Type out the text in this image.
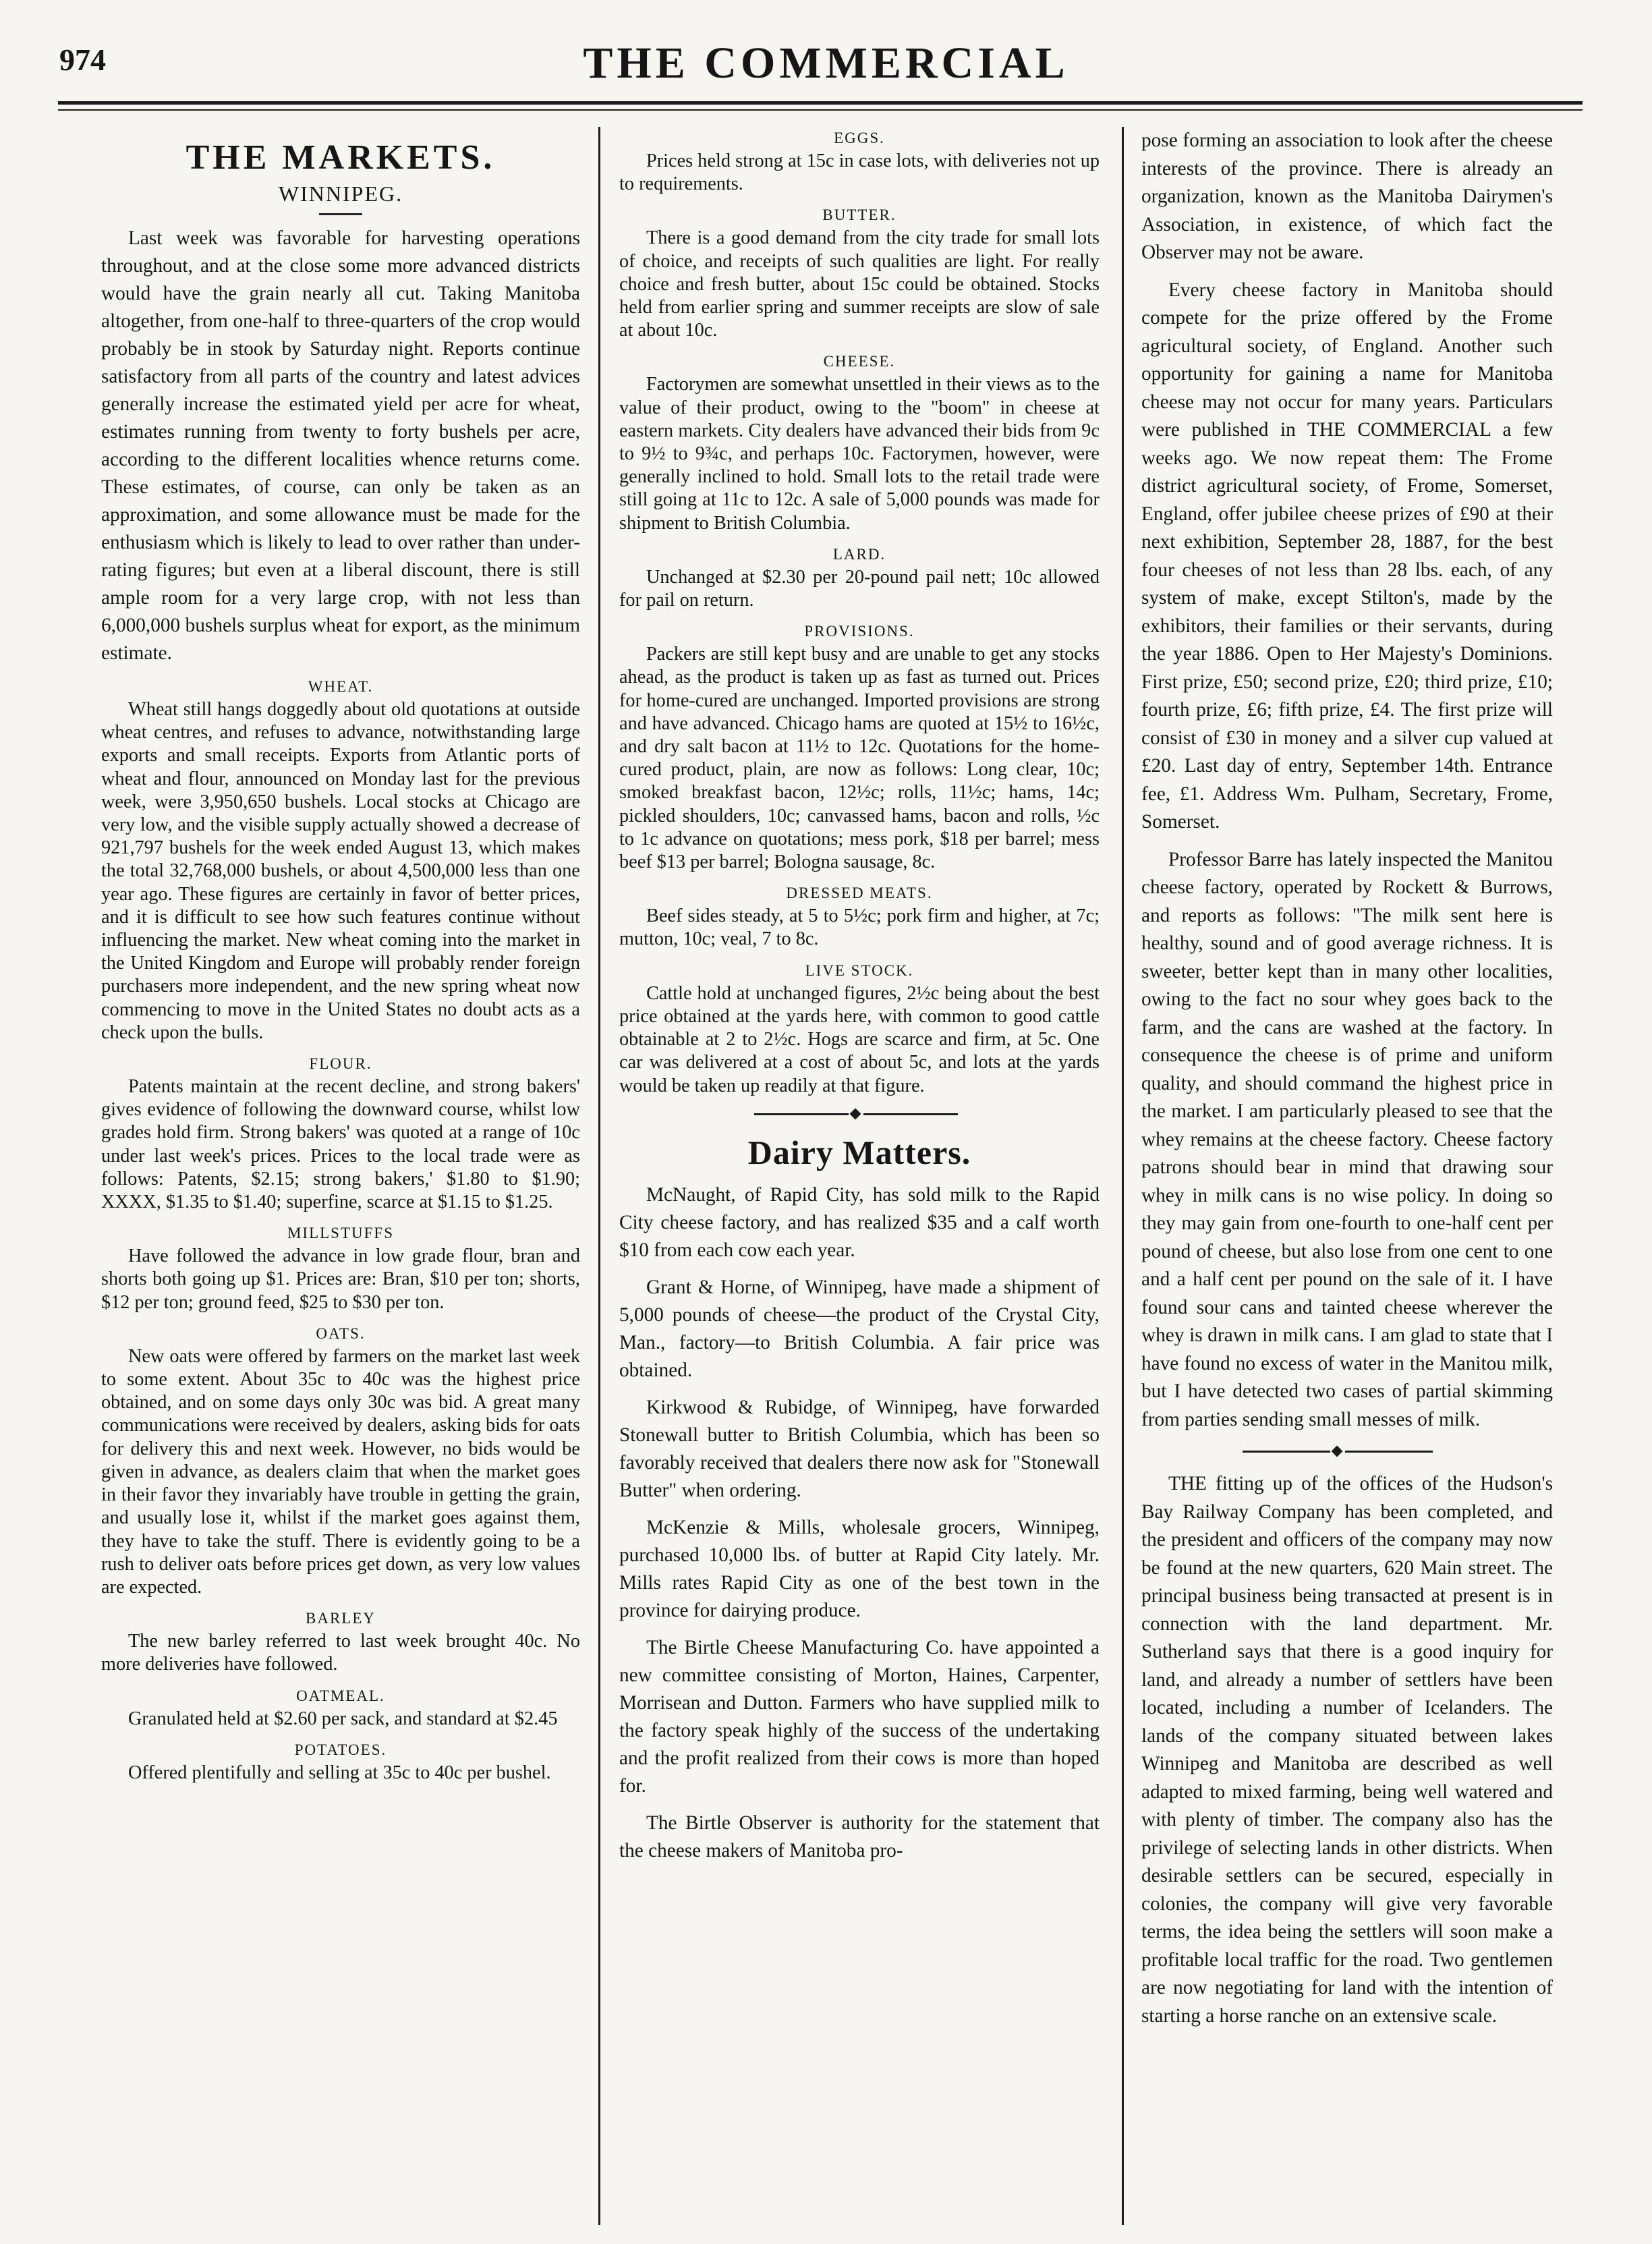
974	THE COMMERCIAL
THE MARKETS.
WINNIPEG.

Last week was favorable for harvesting operations throughout, and at the close some more advanced districts would have the grain nearly all cut. Taking Manitoba altogether, from one-half to three-quarters of the crop would probably be in stook by Saturday night. Reports continue satisfactory from all parts of the country and latest advices generally increase the estimated yield per acre for wheat, estimates running from twenty to forty bushels per acre, according to the different localities whence returns come. These estimates, of course, can only be taken as an approximation, and some allowance must be made for the enthusiasm which is likely to lead to over rather than under-rating figures; but even at a liberal discount, there is still ample room for a very large crop, with not less than 6,000,000 bushels surplus wheat for export, as the minimum estimate.

WHEAT.

Wheat still hangs doggedly about old quotations at outside wheat centres, and refuses to advance, notwithstanding large exports and small receipts. Exports from Atlantic ports of wheat and flour, announced on Monday last for the previous week, were 3,950,650 bushels. Local stocks at Chicago are very low, and the visible supply actually showed a decrease of 921,797 bushels for the week ended August 13, which makes the total 32,768,000 bushels, or about 4,500,000 less than one year ago. These figures are certainly in favor of better prices, and it is difficult to see how such features continue without influencing the market. New wheat coming into the market in the United Kingdom and Europe will probably render foreign purchasers more independent, and the new spring wheat now commencing to move in the United States no doubt acts as a check upon the bulls.

FLOUR.

Patents maintain at the recent decline, and strong bakers' gives evidence of following the downward course, whilst low grades hold firm. Strong bakers' was quoted at a range of 10c under last week's prices. Prices to the local trade were as follows: Patents, $2.15; strong bakers,' $1.80 to $1.90; XXXX, $1.35 to $1.40; superfine, scarce at $1.15 to $1.25.

MILLSTUFFS

Have followed the advance in low grade flour, bran and shorts both going up $1. Prices are: Bran, $10 per ton; shorts, $12 per ton; ground feed, $25 to $30 per ton.

OATS.

New oats were offered by farmers on the market last week to some extent. About 35c to 40c was the highest price obtained, and on some days only 30c was bid. A great many communications were received by dealers, asking bids for oats for delivery this and next week. However, no bids would be given in advance, as dealers claim that when the market goes in their favor they invariably have trouble in getting the grain, and usually lose it, whilst if the market goes against them, they have to take the stuff. There is evidently going to be a rush to deliver oats before prices get down, as very low values are expected.

BARLEY

The new barley referred to last week brought 40c. No more deliveries have followed.

OATMEAL.

Granulated held at $2.60 per sack, and standard at $2.45

POTATOES.

Offered plentifully and selling at 35c to 40c per bushel.

EGGS.

Prices held strong at 15c in case lots, with deliveries not up to requirements.

BUTTER.

There is a good demand from the city trade for small lots of choice, and receipts of such qualities are light. For really choice and fresh butter, about 15c could be obtained. Stocks held from earlier spring and summer receipts are slow of sale at about 10c.

CHEESE.

Factorymen are somewhat unsettled in their views as to the value of their product, owing to the "boom" in cheese at eastern markets. City dealers have advanced their bids from 9c to 9½ to 9¾c, and perhaps 10c. Factorymen, however, were generally inclined to hold. Small lots to the retail trade were still going at 11c to 12c. A sale of 5,000 pounds was made for shipment to British Columbia.

LARD.

Unchanged at $2.30 per 20-pound pail nett; 10c allowed for pail on return.

PROVISIONS.

Packers are still kept busy and are unable to get any stocks ahead, as the product is taken up as fast as turned out. Prices for home-cured are unchanged. Imported provisions are strong and have advanced. Chicago hams are quoted at 15½ to 16½c, and dry salt bacon at 11½ to 12c. Quotations for the home-cured product, plain, are now as follows: Long clear, 10c; smoked breakfast bacon, 12½c; rolls, 11½c; hams, 14c; pickled shoulders, 10c; canvassed hams, bacon and rolls, ½c to 1c advance on quotations; mess pork, $18 per barrel; mess beef $13 per barrel; Bologna sausage, 8c.

DRESSED MEATS.

Beef sides steady, at 5 to 5½c; pork firm and higher, at 7c; mutton, 10c; veal, 7 to 8c.

LIVE STOCK.

Cattle hold at unchanged figures, 2½c being about the best price obtained at the yards here, with common to good cattle obtainable at 2 to 2½c. Hogs are scarce and firm, at 5c. One car was delivered at a cost of about 5c, and lots at the yards would be taken up readily at that figure.

Dairy Matters.

McNaught, of Rapid City, has sold milk to the Rapid City cheese factory, and has realized $35 and a calf worth $10 from each cow each year.

Grant & Horne, of Winnipeg, have made a shipment of 5,000 pounds of cheese—the product of the Crystal City, Man., factory—to British Columbia. A fair price was obtained.

Kirkwood & Rubidge, of Winnipeg, have forwarded Stonewall butter to British Columbia, which has been so favorably received that dealers there now ask for "Stonewall Butter" when ordering.

McKenzie & Mills, wholesale grocers, Winnipeg, purchased 10,000 lbs. of butter at Rapid City lately. Mr. Mills rates Rapid City as one of the best town in the province for dairying produce.

The Birtle Cheese Manufacturing Co. have appointed a new committee consisting of Morton, Haines, Carpenter, Morrisean and Dutton. Farmers who have supplied milk to the factory speak highly of the success of the undertaking and the profit realized from their cows is more than hoped for.

The Birtle Observer is authority for the statement that the cheese makers of Manitoba pro-

pose forming an association to look after the cheese interests of the province. There is already an organization, known as the Manitoba Dairymen's Association, in existence, of which fact the Observer may not be aware.

Every cheese factory in Manitoba should compete for the prize offered by the Frome agricultural society, of England. Another such opportunity for gaining a name for Manitoba cheese may not occur for many years. Particulars were published in THE COMMERCIAL a few weeks ago. We now repeat them: The Frome district agricultural society, of Frome, Somerset, England, offer jubilee cheese prizes of £90 at their next exhibition, September 28, 1887, for the best four cheeses of not less than 28 lbs. each, of any system of make, except Stilton's, made by the exhibitors, their families or their servants, during the year 1886. Open to Her Majesty's Dominions. First prize, £50; second prize, £20; third prize, £10; fourth prize, £6; fifth prize, £4. The first prize will consist of £30 in money and a silver cup valued at £20. Last day of entry, September 14th. Entrance fee, £1. Address Wm. Pulham, Secretary, Frome, Somerset.

Professor Barre has lately inspected the Manitou cheese factory, operated by Rockett & Burrows, and reports as follows: "The milk sent here is healthy, sound and of good average richness. It is sweeter, better kept than in many other localities, owing to the fact no sour whey goes back to the farm, and the cans are washed at the factory. In consequence the cheese is of prime and uniform quality, and should command the highest price in the market. I am particularly pleased to see that the whey remains at the cheese factory. Cheese factory patrons should bear in mind that drawing sour whey in milk cans is no wise policy. In doing so they may gain from one-fourth to one-half cent per pound of cheese, but also lose from one cent to one and a half cent per pound on the sale of it. I have found sour cans and tainted cheese wherever the whey is drawn in milk cans. I am glad to state that I have found no excess of water in the Manitou milk, but I have detected two cases of partial skimming from parties sending small messes of milk.

THE fitting up of the offices of the Hudson's Bay Railway Company has been completed, and the president and officers of the company may now be found at the new quarters, 620 Main street. The principal business being transacted at present is in connection with the land department. Mr. Sutherland says that there is a good inquiry for land, and already a number of settlers have been located, including a number of Icelanders. The lands of the company situated between lakes Winnipeg and Manitoba are described as well adapted to mixed farming, being well watered and with plenty of timber. The company also has the privilege of selecting lands in other districts. When desirable settlers can be secured, especially in colonies, the company will give very favorable terms, the idea being the settlers will soon make a profitable local traffic for the road. Two gentlemen are now negotiating for land with the intention of starting a horse ranche on an extensive scale.
